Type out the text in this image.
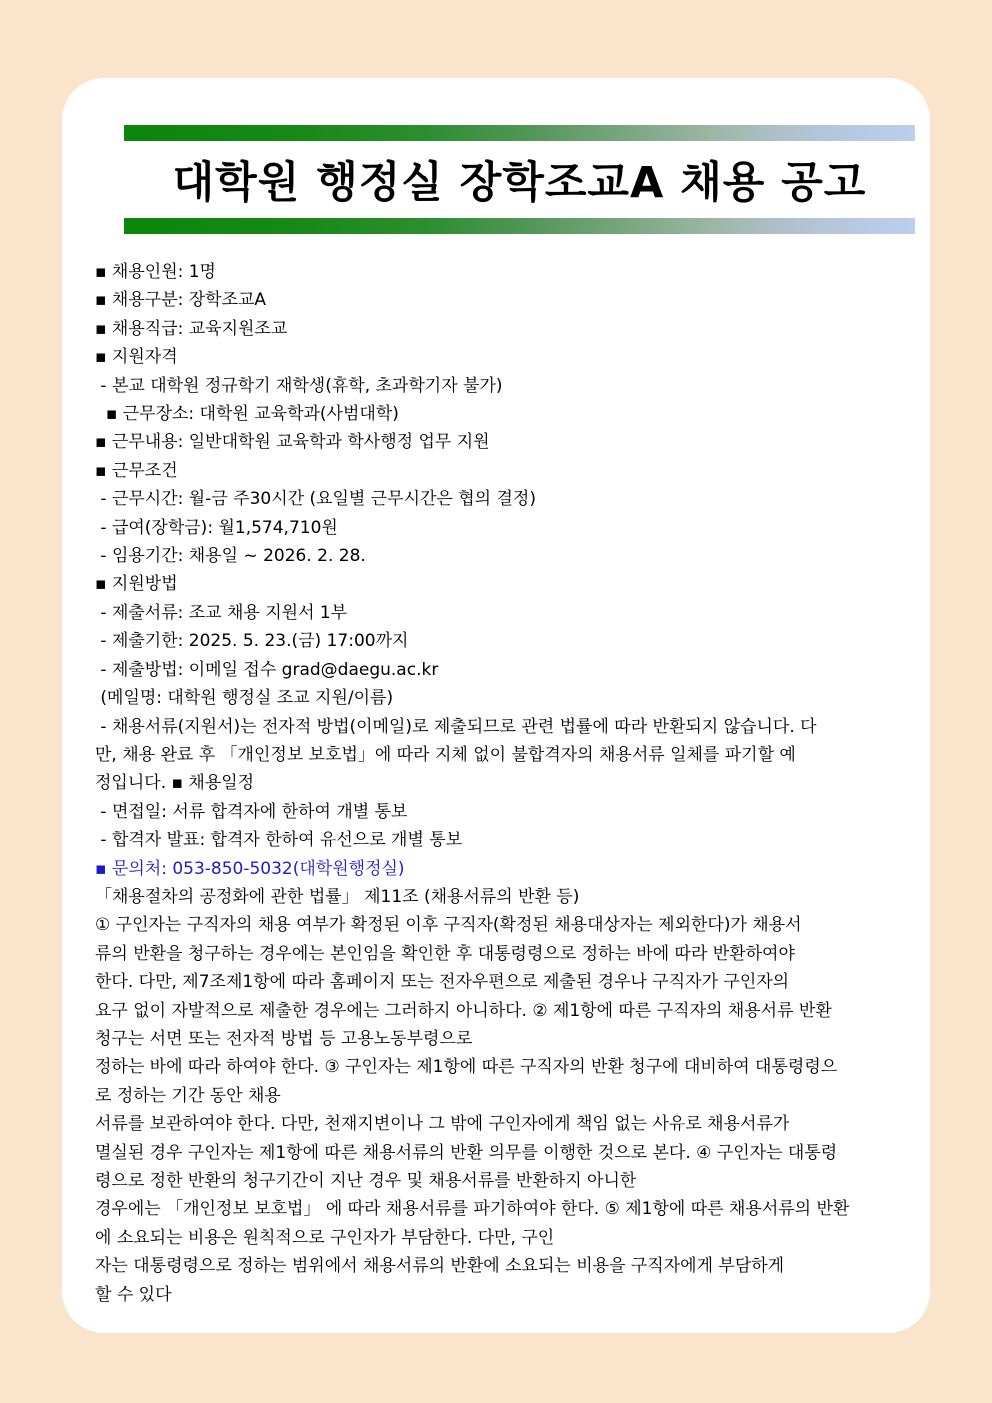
대학원 행정실 장학조교A 채용 공고
▪ 채용인원: 1명
▪ 채용구분: 장학조교A
▪ 채용직급: 교육지원조교
▪ 지원자격
- 본교 대학원 정규학기 재학생(휴학, 초과학기자 불가)
▪ 근무장소: 대학원 교육학과(사범대학)
▪ 근무내용: 일반대학원 교육학과 학사행정 업무 지원
▪ 근무조건
- 근무시간: 월-금 주30시간 (요일별 근무시간은 협의 결정)
- 급여(장학금): 월1,574,710원
- 임용기간: 채용일 ~ 2026. 2. 28.
▪ 지원방법
- 제출서류: 조교 채용 지원서 1부
- 제출기한: 2025. 5. 23.(금) 17:00까지
- 제출방법: 이메일 접수 grad@daegu.ac.kr
(메일명: 대학원 행정실 조교 지원/이름)
- 채용서류(지원서)는 전자적 방법(이메일)로 제출되므로 관련 법률에 따라 반환되지 않습니다. 다
만, 채용 완료 후 「개인정보 보호법」에 따라 지체 없이 불합격자의 채용서류 일체를 파기할 예
정입니다. ▪ 채용일정
- 면접일: 서류 합격자에 한하여 개별 통보
- 합격자 발표: 합격자 한하여 유선으로 개별 통보
▪ 문의처: 053-850-5032(대학원행정실)
「채용절차의 공정화에 관한 법률」 제11조 (채용서류의 반환 등)
① 구인자는 구직자의 채용 여부가 확정된 이후 구직자(확정된 채용대상자는 제외한다)가 채용서
류의 반환을 청구하는 경우에는 본인임을 확인한 후 대통령령으로 정하는 바에 따라 반환하여야
한다. 다만, 제7조제1항에 따라 홈페이지 또는 전자우편으로 제출된 경우나 구직자가 구인자의
요구 없이 자발적으로 제출한 경우에는 그러하지 아니하다. ② 제1항에 따른 구직자의 채용서류 반환
청구는 서면 또는 전자적 방법 등 고용노동부령으로
정하는 바에 따라 하여야 한다. ③ 구인자는 제1항에 따른 구직자의 반환 청구에 대비하여 대통령령으
로 정하는 기간 동안 채용
서류를 보관하여야 한다. 다만, 천재지변이나 그 밖에 구인자에게 책임 없는 사유로 채용서류가
멸실된 경우 구인자는 제1항에 따른 채용서류의 반환 의무를 이행한 것으로 본다. ④ 구인자는 대통령
령으로 정한 반환의 청구기간이 지난 경우 및 채용서류를 반환하지 아니한
경우에는 「개인정보 보호법」 에 따라 채용서류를 파기하여야 한다. ⑤ 제1항에 따른 채용서류의 반환
에 소요되는 비용은 원칙적으로 구인자가 부담한다. 다만, 구인
자는 대통령령으로 정하는 범위에서 채용서류의 반환에 소요되는 비용을 구직자에게 부담하게
할 수 있다
